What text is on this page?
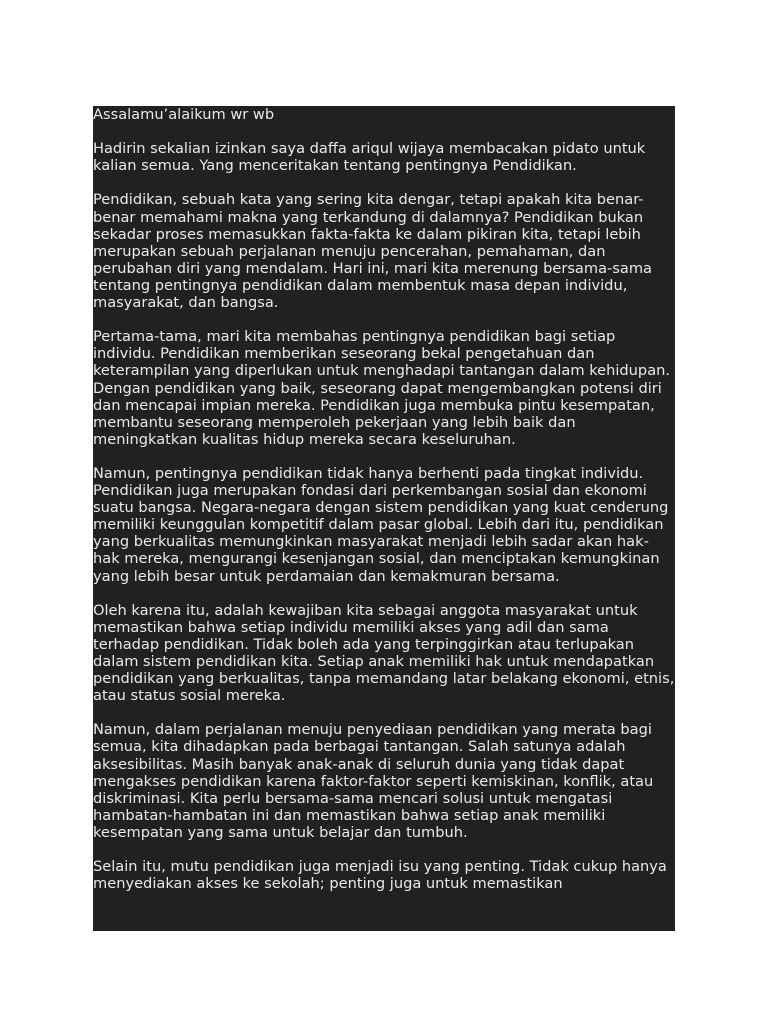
Assalamu’alaikum wr wb

Hadirin sekalian izinkan saya daffa ariqul wijaya membacakan pidato untuk kalian semua. Yang menceritakan tentang pentingnya Pendidikan.

Pendidikan, sebuah kata yang sering kita dengar, tetapi apakah kita benar-benar memahami makna yang terkandung di dalamnya? Pendidikan bukan sekadar proses memasukkan fakta-fakta ke dalam pikiran kita, tetapi lebih merupakan sebuah perjalanan menuju pencerahan, pemahaman, dan perubahan diri yang mendalam. Hari ini, mari kita merenung bersama-sama tentang pentingnya pendidikan dalam membentuk masa depan individu, masyarakat, dan bangsa.

Pertama-tama, mari kita membahas pentingnya pendidikan bagi setiap individu. Pendidikan memberikan seseorang bekal pengetahuan dan keterampilan yang diperlukan untuk menghadapi tantangan dalam kehidupan. Dengan pendidikan yang baik, seseorang dapat mengembangkan potensi diri dan mencapai impian mereka. Pendidikan juga membuka pintu kesempatan, membantu seseorang memperoleh pekerjaan yang lebih baik dan meningkatkan kualitas hidup mereka secara keseluruhan.

Namun, pentingnya pendidikan tidak hanya berhenti pada tingkat individu. Pendidikan juga merupakan fondasi dari perkembangan sosial dan ekonomi suatu bangsa. Negara-negara dengan sistem pendidikan yang kuat cenderung memiliki keunggulan kompetitif dalam pasar global. Lebih dari itu, pendidikan yang berkualitas memungkinkan masyarakat menjadi lebih sadar akan hak-hak mereka, mengurangi kesenjangan sosial, dan menciptakan kemungkinan yang lebih besar untuk perdamaian dan kemakmuran bersama.

Oleh karena itu, adalah kewajiban kita sebagai anggota masyarakat untuk memastikan bahwa setiap individu memiliki akses yang adil dan sama terhadap pendidikan. Tidak boleh ada yang terpinggirkan atau terlupakan dalam sistem pendidikan kita. Setiap anak memiliki hak untuk mendapatkan pendidikan yang berkualitas, tanpa memandang latar belakang ekonomi, etnis, atau status sosial mereka.

Namun, dalam perjalanan menuju penyediaan pendidikan yang merata bagi semua, kita dihadapkan pada berbagai tantangan. Salah satunya adalah aksesibilitas. Masih banyak anak-anak di seluruh dunia yang tidak dapat mengakses pendidikan karena faktor-faktor seperti kemiskinan, konflik, atau diskriminasi. Kita perlu bersama-sama mencari solusi untuk mengatasi hambatan-hambatan ini dan memastikan bahwa setiap anak memiliki kesempatan yang sama untuk belajar dan tumbuh.

Selain itu, mutu pendidikan juga menjadi isu yang penting. Tidak cukup hanya menyediakan akses ke sekolah; penting juga untuk memastikan
